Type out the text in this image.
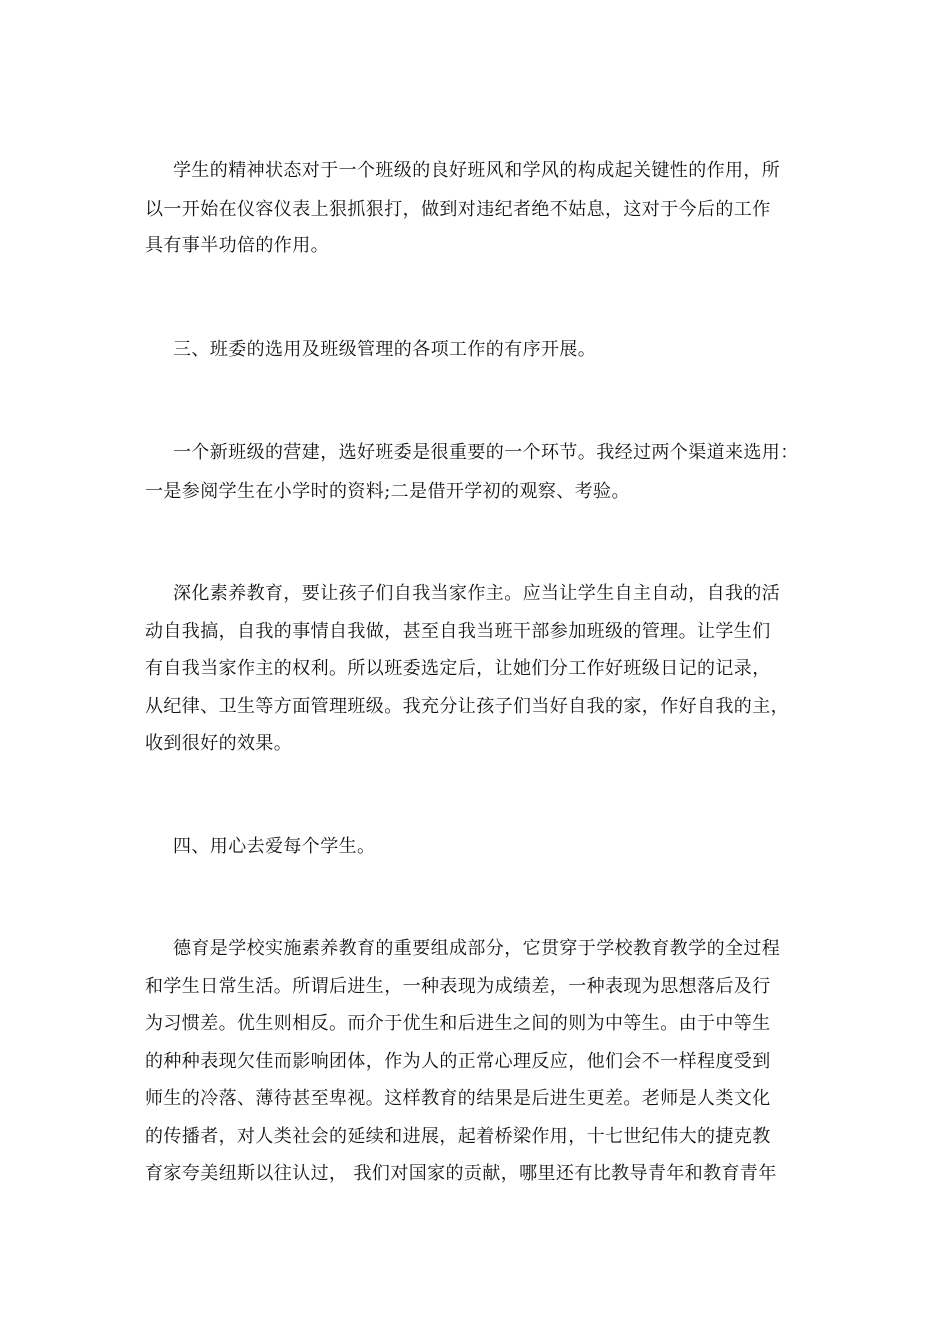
学生的精神状态对于一个班级的良好班风和学风的构成起关键性的作用，所
以一开始在仪容仪表上狠抓狠打，做到对违纪者绝不姑息，这对于今后的工作
具有事半功倍的作用。
三、班委的选用及班级管理的各项工作的有序开展。
一个新班级的营建，选好班委是很重要的一个环节。我经过两个渠道来选用：
一是参阅学生在小学时的资料;二是借开学初的观察、考验。
深化素养教育，要让孩子们自我当家作主。应当让学生自主自动，自我的活
动自我搞，自我的事情自我做，甚至自我当班干部参加班级的管理。让学生们
有自我当家作主的权利。所以班委选定后，让她们分工作好班级日记的记录，
从纪律、卫生等方面管理班级。我充分让孩子们当好自我的家，作好自我的主，
收到很好的效果。
四、用心去爱每个学生。
德育是学校实施素养教育的重要组成部分，它贯穿于学校教育教学的全过程
和学生日常生活。所谓后进生，一种表现为成绩差，一种表现为思想落后及行
为习惯差。优生则相反。而介于优生和后进生之间的则为中等生。由于中等生
的种种表现欠佳而影响团体，作为人的正常心理反应，他们会不一样程度受到
师生的冷落、薄待甚至卑视。这样教育的结果是后进生更差。老师是人类文化
的传播者，对人类社会的延续和进展，起着桥梁作用，十七世纪伟大的捷克教
育家夸美纽斯以往认过， 我们对国家的贡献，哪里还有比教导青年和教育青年
